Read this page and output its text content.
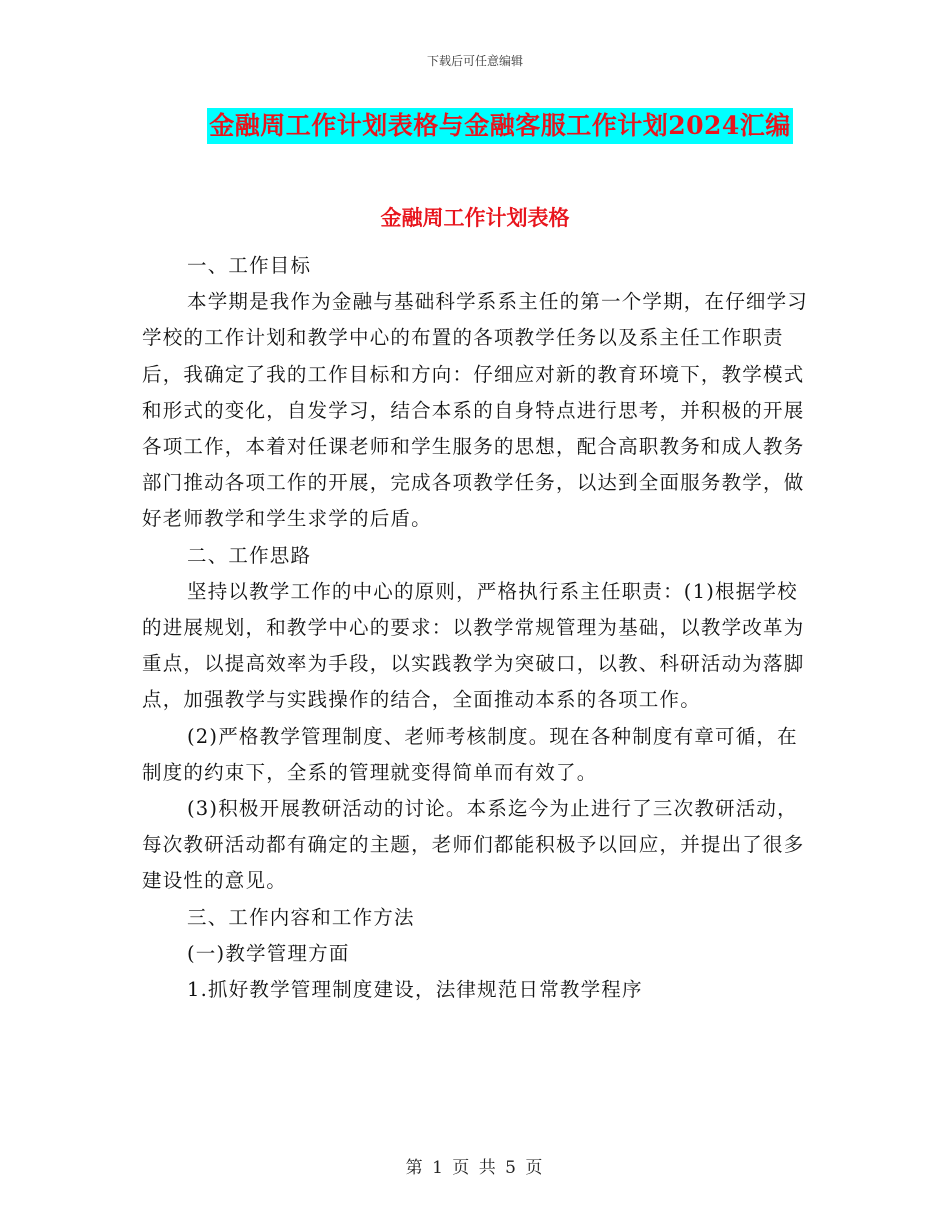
下载后可任意编辑
金融周工作计划表格与金融客服工作计划2024汇编
金融周工作计划表格

一、工作目标

本学期是我作为金融与基础科学系系主任的第一个学期，在仔细学习学校的工作计划和教学中心的布置的各项教学任务以及系主任工作职责后，我确定了我的工作目标和方向：仔细应对新的教育环境下，教学模式和形式的变化，自发学习，结合本系的自身特点进行思考，并积极的开展各项工作，本着对任课老师和学生服务的思想，配合高职教务和成人教务部门推动各项工作的开展，完成各项教学任务，以达到全面服务教学，做好老师教学和学生求学的后盾。

二、工作思路

坚持以教学工作的中心的原则，严格执行系主任职责：(1)根据学校的进展规划，和教学中心的要求：以教学常规管理为基础，以教学改革为重点，以提高效率为手段，以实践教学为突破口，以教、科研活动为落脚点，加强教学与实践操作的结合，全面推动本系的各项工作。

(2)严格教学管理制度、老师考核制度。现在各种制度有章可循，在制度的约束下，全系的管理就变得简单而有效了。

(3)积极开展教研活动的讨论。本系迄今为止进行了三次教研活动，每次教研活动都有确定的主题，老师们都能积极予以回应，并提出了很多建设性的意见。

三、工作内容和工作方法

(一)教学管理方面

1.抓好教学管理制度建设，法律规范日常教学程序

第 1 页 共 5 页
